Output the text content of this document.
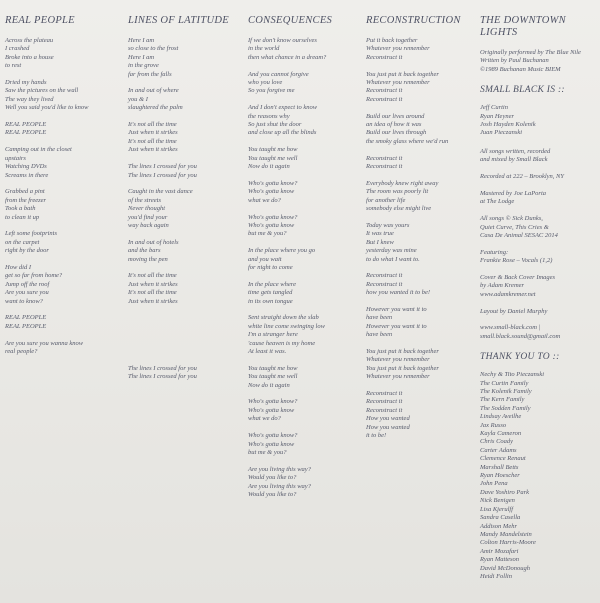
REAL PEOPLE
Across the plateau
I crashed
Broke into a house
to rest

Dried my hands
Saw the pictures on the wall
The way they lived
Well you said you'd like to know

REAL PEOPLE
REAL PEOPLE

Camping out in the closet
upstairs
Watching DVDs
Screams in there

Grabbed a pint
from the freezer
Took a bath
to clean it up

Left some footprints
on the carpet
right by the door

How did I
get so far from home?
Jump off the roof
Are you sure you
want to know?

REAL PEOPLE
REAL PEOPLE

Are you sure you wanna know
real people?
LINES OF LATITUDE
Here I am
so close to the frost
Here I am
in the grove
far from the falls

In and out of where
you & I
slaughtered the palm

It's not all the time
Just when it strikes
It's not all the time
Just when it strikes

The lines I crossed for you
The lines I crossed for you

Caught in the vast dance
of the streets
Never thought
you'd find your
way back again

In and out of hotels
and the bars
moving the pen

It's not all the time
Just when it strikes
It's not all the time
Just when it strikes

The lines I crossed for you
The lines I crossed for you
CONSEQUENCES
If we don't know ourselves
in the world
then what chance in a dream?

And you cannot forgive
who you love
So you forgive me

And I don't expect to know
the reasons why
So just shut the door
and close up all the blinds

You taught me how
You taught me well
Now do it again

Who's gotta know?
Who's gotta know
what we do?

Who's gotta know?
Who's gotta know
but me & you?

In the place where you go
and you wait
for night to come

In the place where
time gets tangled
in its own tongue

Sent straight down the slab
white line come swinging low
I'm a stranger here
'cause heaven is my home
At least it was.

You taught me how
You taught me well
Now do it again

Who's gotta know?
Who's gotta know
what we do?

Who's gotta know?
Who's gotta know
but me & you?

Are you living this way?
Would you like to?
Are you living this way?
Would you like to?
RECONSTRUCTION
Put it back together
Whatever you remember
Reconstruct it

You just put it back together
Whatever you remember
Reconstruct it
Reconstruct it

Build our lives around
an idea of how it was
Build our lives through
the smoky glass where we'd run

Reconstruct it
Reconstruct it

Everybody knew right away
The room was poorly lit
for another life
somebody else might live

Today was yours
It was true
But I knew
yesterday was mine
to do what I want to.

Reconstruct it
Reconstruct it
how you wanted it to be!

However you want it to
have been
However you want it to
have been

You just put it back together
Whatever you remember
You just put it back together
Whatever you remember

Reconstruct it
Reconstruct it
Reconstruct it
How you wanted
How you wanted
it to be!
THE DOWNTOWN LIGHTS
Originally performed by The Blue Nile
Written by Paul Buchanan
©1989 Buchanan Music BIEM
SMALL BLACK IS ::
Jeff Curtin
Ryan Heyner
Josh Hayden Kolenik
Juan Pieczanski
All songs written, recorded
and mixed by Small Black

Recorded at 222 – Brooklyn, NY

Mastered by Joe LaPorta
at The Lodge

All songs © Sick Dunks,
Quiet Curve, This Cries &
Casa De Animal SESAC 2014

Featuring:
Frankie Rose – Vocals (1,2)

Cover & Back Cover Images
by Adam Kremer
www.adamkremer.net

Layout by Daniel Murphy

www.small-black.com |
small.black.sound@gmail.com
THANK YOU TO ::
Nechy & Tito Pieczanski
The Curtin Family
The Kolenik Family
The Kern Family
The Sodden Family
Lindsay Aveilhe
Jax Russo
Kayla Cameron
Chris Coady
Carter Adams
Clemence Renaut
Marshall Betts
Ryan Hoescher
John Pena
Dave Yoshiro Park
Nick Benigen
Lisa Kjerulff
Sandra Casella
Addison Mehr
Mandy Mandelstein
Colton Harris-Moore
Amir Mozafari
Ryan Matteson
David McDonough
Heidi Follin
